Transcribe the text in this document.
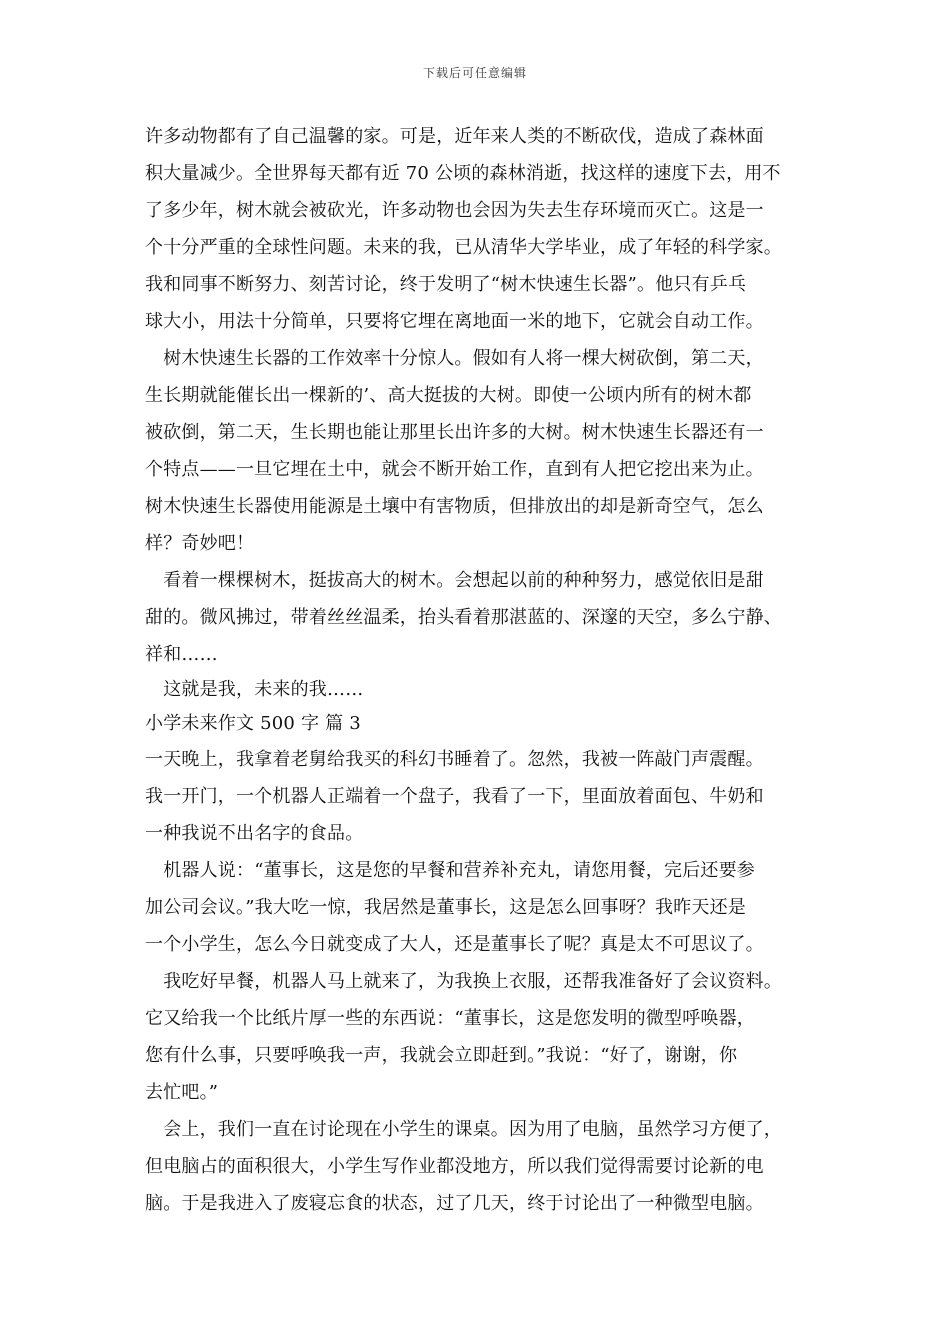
下载后可任意编辑
许多动物都有了自己温馨的家。可是，近年来人类的不断砍伐，造成了森林面
积大量减少。全世界每天都有近 70 公顷的森林消逝，找这样的速度下去，用不
了多少年，树木就会被砍光，许多动物也会因为失去生存环境而灭亡。这是一
个十分严重的全球性问题。未来的我，已从清华大学毕业，成了年轻的科学家。
我和同事不断努力、刻苦讨论，终于发明了“树木快速生长器”。他只有乒乓
球大小，用法十分简单，只要将它埋在离地面一米的地下，它就会自动工作。
　树木快速生长器的工作效率十分惊人。假如有人将一棵大树砍倒，第二天，
生长期就能催长出一棵新的’、高大挺拔的大树。即使一公顷内所有的树木都
被砍倒，第二天，生长期也能让那里长出许多的大树。树木快速生长器还有一
个特点——一旦它埋在土中，就会不断开始工作，直到有人把它挖出来为止。
树木快速生长器使用能源是土壤中有害物质，但排放出的却是新奇空气，怎么
样？奇妙吧！
　看着一棵棵树木，挺拔高大的树木。会想起以前的种种努力，感觉依旧是甜
甜的。微风拂过，带着丝丝温柔，抬头看着那湛蓝的、深邃的天空，多么宁静、
祥和……
　这就是我，未来的我……
小学未来作文 500 字 篇 3
一天晚上，我拿着老舅给我买的科幻书睡着了。忽然，我被一阵敲门声震醒。
我一开门，一个机器人正端着一个盘子，我看了一下，里面放着面包、牛奶和
一种我说不出名字的食品。
　机器人说：“董事长，这是您的早餐和营养补充丸，请您用餐，完后还要参
加公司会议。”我大吃一惊，我居然是董事长，这是怎么回事呀？我昨天还是
一个小学生，怎么今日就变成了大人，还是董事长了呢？真是太不可思议了。
　我吃好早餐，机器人马上就来了，为我换上衣服，还帮我准备好了会议资料。
它又给我一个比纸片厚一些的东西说：“董事长，这是您发明的微型呼唤器，
您有什么事，只要呼唤我一声，我就会立即赶到。”我说：“好了，谢谢，你
去忙吧。”
　会上，我们一直在讨论现在小学生的课桌。因为用了电脑，虽然学习方便了，
但电脑占的面积很大，小学生写作业都没地方，所以我们觉得需要讨论新的电
脑。于是我进入了废寝忘食的状态，过了几天，终于讨论出了一种微型电脑。
